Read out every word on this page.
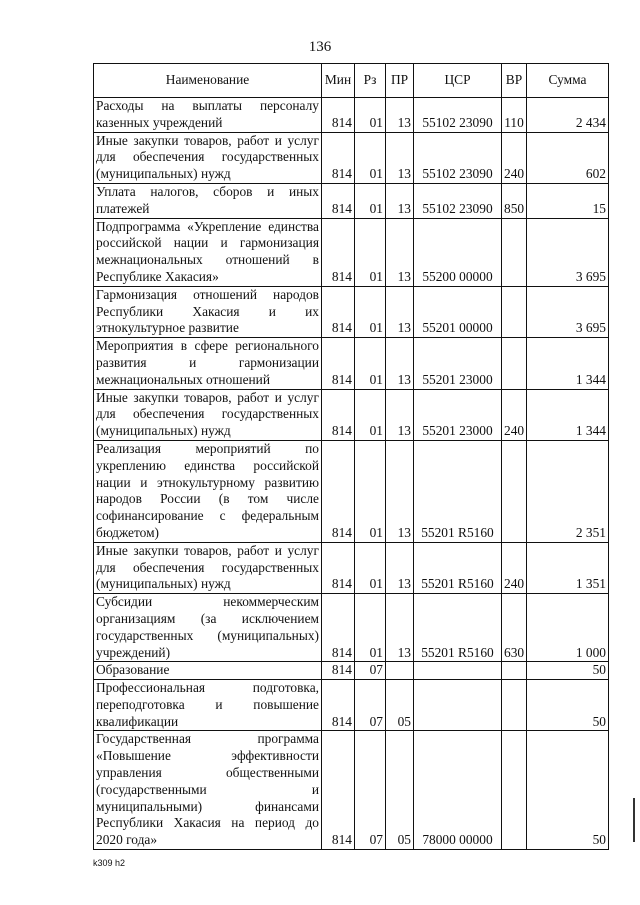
136
Наименование	Мин	Рз	ПР	ЦСР	ВР	Сумма
Расходы на выплаты персоналу казенных учреждений	814	01	13	55102 23090	110	2 434
Иные закупки товаров, работ и услуг для обеспечения государственных (муниципальных) нужд	814	01	13	55102 23090	240	602
Уплата налогов, сборов и иных платежей	814	01	13	55102 23090	850	15
Подпрограмма «Укрепление единства российской нации и гармонизация межнациональных отношений в Республике Хакасия»	814	01	13	55200 00000		3 695
Гармонизация отношений народов Республики Хакасия и их этнокультурное развитие	814	01	13	55201 00000		3 695
Мероприятия в сфере регионального развития и гармонизации межнациональных отношений	814	01	13	55201 23000		1 344
Иные закупки товаров, работ и услуг для обеспечения государственных (муниципальных) нужд	814	01	13	55201 23000	240	1 344
Реализация мероприятий по укреплению единства российской нации и этнокультурному развитию народов России (в том числе софинансирование с федеральным бюджетом)	814	01	13	55201 R5160		2 351
Иные закупки товаров, работ и услуг для обеспечения государственных (муниципальных) нужд	814	01	13	55201 R5160	240	1 351
Субсидии некоммерческим организациям (за исключением государственных (муниципальных) учреждений)	814	01	13	55201 R5160	630	1 000
Образование	814	07				50
Профессиональная подготовка, переподготовка и повышение квалификации	814	07	05			50
Государственная программа «Повышение эффективности управления общественными (государственными и муниципальными) финансами Республики Хакасия на период до 2020 года»	814	07	05	78000 00000		50
k309 h2
